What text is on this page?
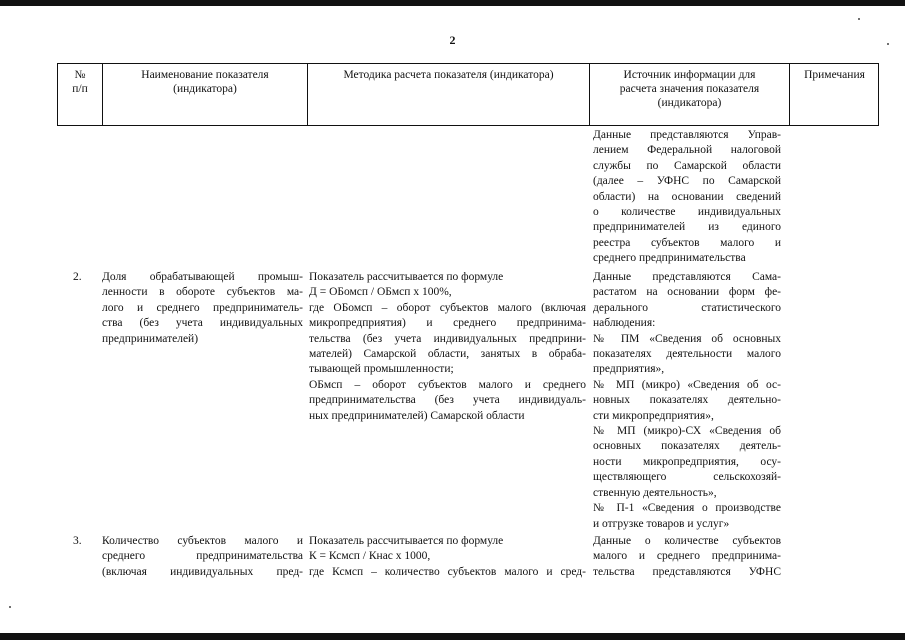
2
№
п/п
Наименование показателя
(индикатора)
Методика расчета показателя (индикатора)	Источник информации для
расчета значения показателя
(индикатора)
Примечания
Данные представляются Управ-
лением Федеральной налоговой
службы по Самарской области
(далее – УФНС по Самарской
области) на основании сведений
о количестве индивидуальных
предпринимателей из единого
реестра субъектов малого и
среднего предпринимательства
2. Доля обрабатывающей промыш-
ленности в обороте субъектов ма-
лого и среднего предприниматель-
ства (без учета индивидуальных
предпринимателей)
Показатель рассчитывается по формуле
Д = ОБомсп / ОБмсп х 100%,
где ОБомсп – оборот субъектов малого (включая
микропредприятия) и среднего предпринима-
тельства (без учета индивидуальных предприни-
мателей) Самарской области, занятых в обраба-
тывающей промышленности;
ОБмсп – оборот субъектов малого и среднего
предпринимательства (без учета индивидуаль-
ных предпринимателей) Самарской области
Данные представляются Сама-
растатом на основании форм фе-
дерального статистического
наблюдения:
№ ПМ «Сведения об основных
показателях деятельности малого
предприятия»,
№ МП (микро) «Сведения об ос-
новных показателях деятельно-
сти микропредприятия»,
№ МП (микро)-СХ «Сведения об
основных показателях деятель-
ности микропредприятия, осу-
ществляющего сельскохозяй-
ственную деятельность»,
№ П-1 «Сведения о производстве
и отгрузке товаров и услуг»
3. Количество субъектов малого и
среднего предпринимательства
(включая индивидуальных пред-
Показатель рассчитывается по формуле
К = Ксмсп / Кнас х 1000,
где Ксмсп – количество субъектов малого и сред-
Данные о количестве субъектов
малого и среднего предпринима-
тельства представляются УФНС
